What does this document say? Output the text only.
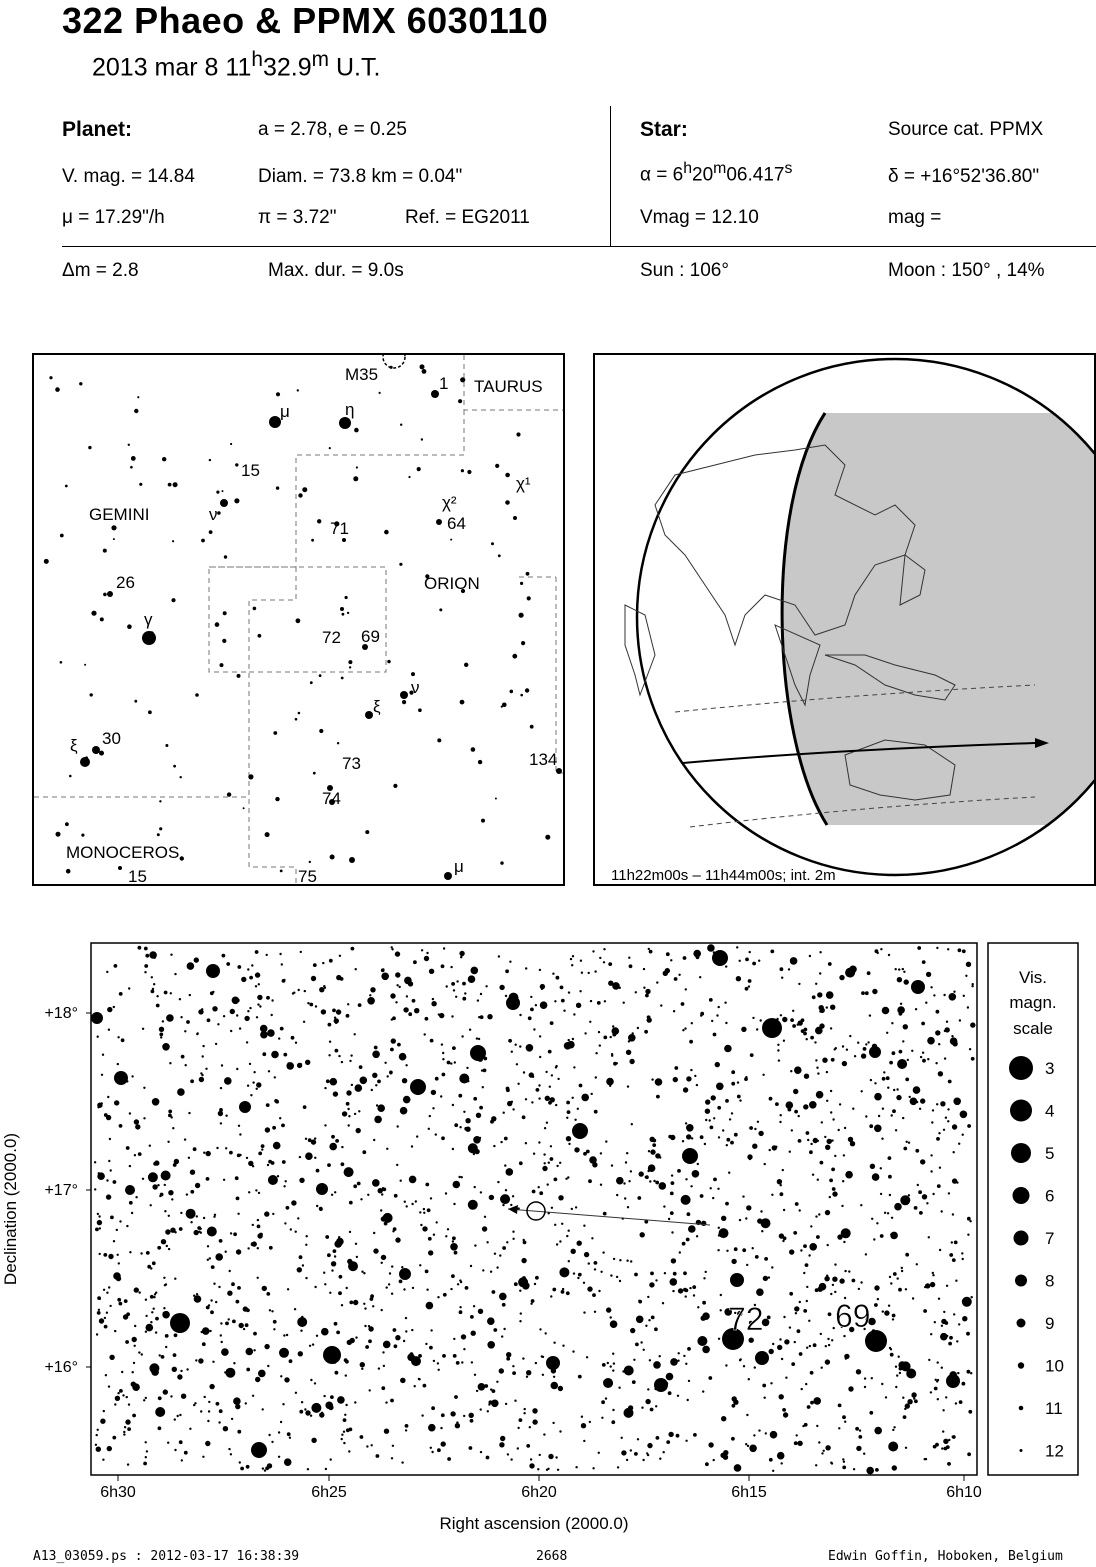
322 Phaeo & PPMX 6030110
2013 mar 8 11$^h$32.9$^m$ U.T.
Planet:	a = 2.78, e = 0.25
V. mag. = 14.84	Diam. = 73.8 km = 0.04"
μ = 17.29"/h	π = 3.72"	Ref. = EG2011
Star:	Source cat. PPMX
$\alpha = 6^h20^m06.417^s$	δ = +16°52'36.80"
Vmag = 12.10	mag =
Δm = 2.8	Max. dur. = 9.0s	Sun : 106°	Moon : 150° , 14%
TAURUS
GEMINI
ORION
MONOCEROS
M35	1
μ	η
15
ν
χ²
χ¹
64
71
26
γ
72 69
ν
ξ
ξ 30
73	134
74
15	75
μ	11h22m00s – 11h44m00s; int. 2m
72 69
+18°
+17°
+16°
Declination (2000.0)
6h30	6h25	6h20	6h15	6h10
Right ascension (2000.0)
Vis.
magn.
scale
3
4
5
6
7
8
9
10
11
12
A13_03059.ps : 2012-03-17 16:38:39	2668	Edwin Goffin, Hoboken, Belgium
